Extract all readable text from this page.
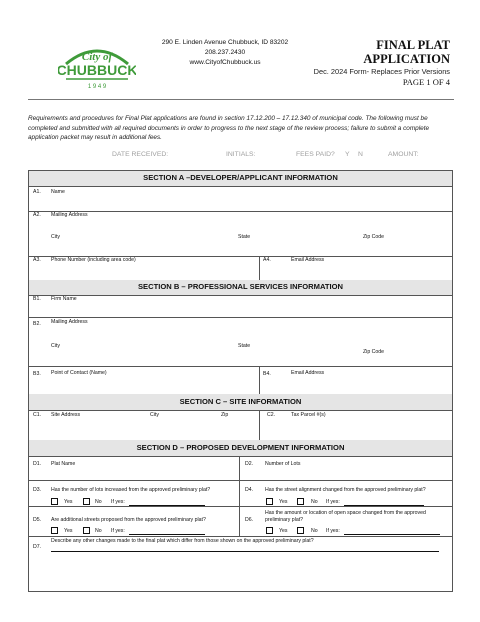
City of
CHUBBUCK
1 9 4 9
290 E. Linden Avenue Chubbuck, ID 83202
208.237.2430
www.CityofChubbuck.us
FINAL PLAT
APPLICATION
Dec. 2024 Form- Replaces Prior Versions
PAGE 1 OF 4
Requirements and procedures for Final Plat applications are found in section 17.12.200 – 17.12.340 of municipal code. The following must be completed and submitted with all required documents in order to progress to the next stage of the review process; failure to submit a complete application packet may result in additional fees.
DATE RECEIVED:	INITIALS:	FEES PAID? Y N	AMOUNT:
SECTION A –DEVELOPER/APPLICANT INFORMATION
A1. Name
A2. Mailing Address
City	State	Zip Code
A3. Phone Number (including area code)	A4.	Email Address
SECTION B – PROFESSIONAL SERVICES INFORMATION
B1. Firm Name
B2. Mailing Address
City	State
Zip Code
B3. Point of Contact (Name)	B4.	Email Address
SECTION C – SITE INFORMATION
C1. Site Address	City	Zip	C2.	Tax Parcel #(s)
SECTION D – PROPOSED DEVELOPMENT INFORMATION
D1. Plat Name	D2. Number of Lots
D3. Has the number of lots increased from the approved preliminary plat?
Yes	No If yes:
D4. Has the street alignment changed from the approved preliminary plat?
Yes	No If yes:
D5. Are additional streets proposed from the approved preliminary plat?
Yes	No If yes:
D6.
Has the amount or location of open space changed from the approved
preliminary plat?
Yes	No If yes:
D7.
Describe any other changes made to the final plat which differ from those shown on the approved preliminary plat?
